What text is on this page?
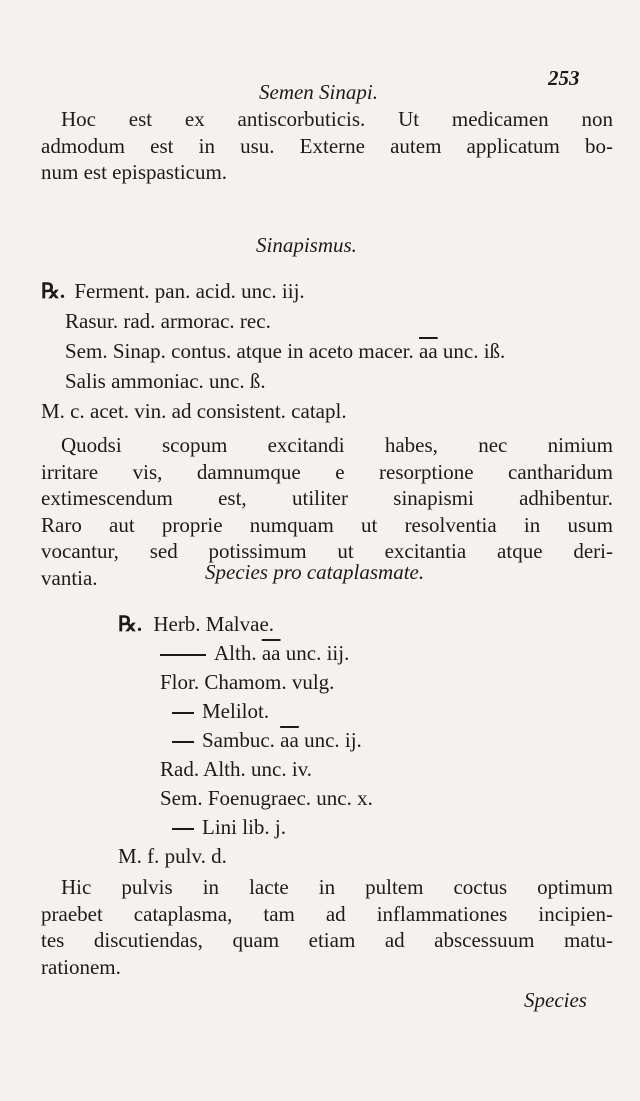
253
Semen Sinapi.
Hoc est ex antiscorbuticis. Ut medicamen non
admodum est in usu. Externe autem applicatum bo-
num est epispasticum.
Sinapismus.
℞. Ferment. pan. acid. unc. iij.
Rasur. rad. armorac. rec.
Sem. Sinap. contus. atque in aceto macer. $\overline{aa}$ unc. iß.
Salis ammoniac. unc. ß.
M. c. acet. vin. ad consistent. catapl.
Quodsi scopum excitandi habes, nec nimium
irritare vis, damnumque e resorptione cantharidum
extimescendum est, utiliter sinapismi adhibentur.
Raro aut proprie numquam ut resolventia in usum
vocantur, sed potissimum ut excitantia atque deri-
vantia.	Species pro cataplasmate.
℞. Herb. Malvae.
Alth. $\overline{aa}$ unc. iij.
Flor. Chamom. vulg.
Melilot.
Sambuc. $\overline{aa}$ unc. ij.
Rad. Alth. unc. iv.
Sem. Foenugraec. unc. x.
Lini lib. j.
M. f. pulv. d.
Hic pulvis in lacte in pultem coctus optimum
praebet cataplasma, tam ad inflammationes incipien-
tes discutiendas, quam etiam ad abscessuum matu-
rationem.
Species
